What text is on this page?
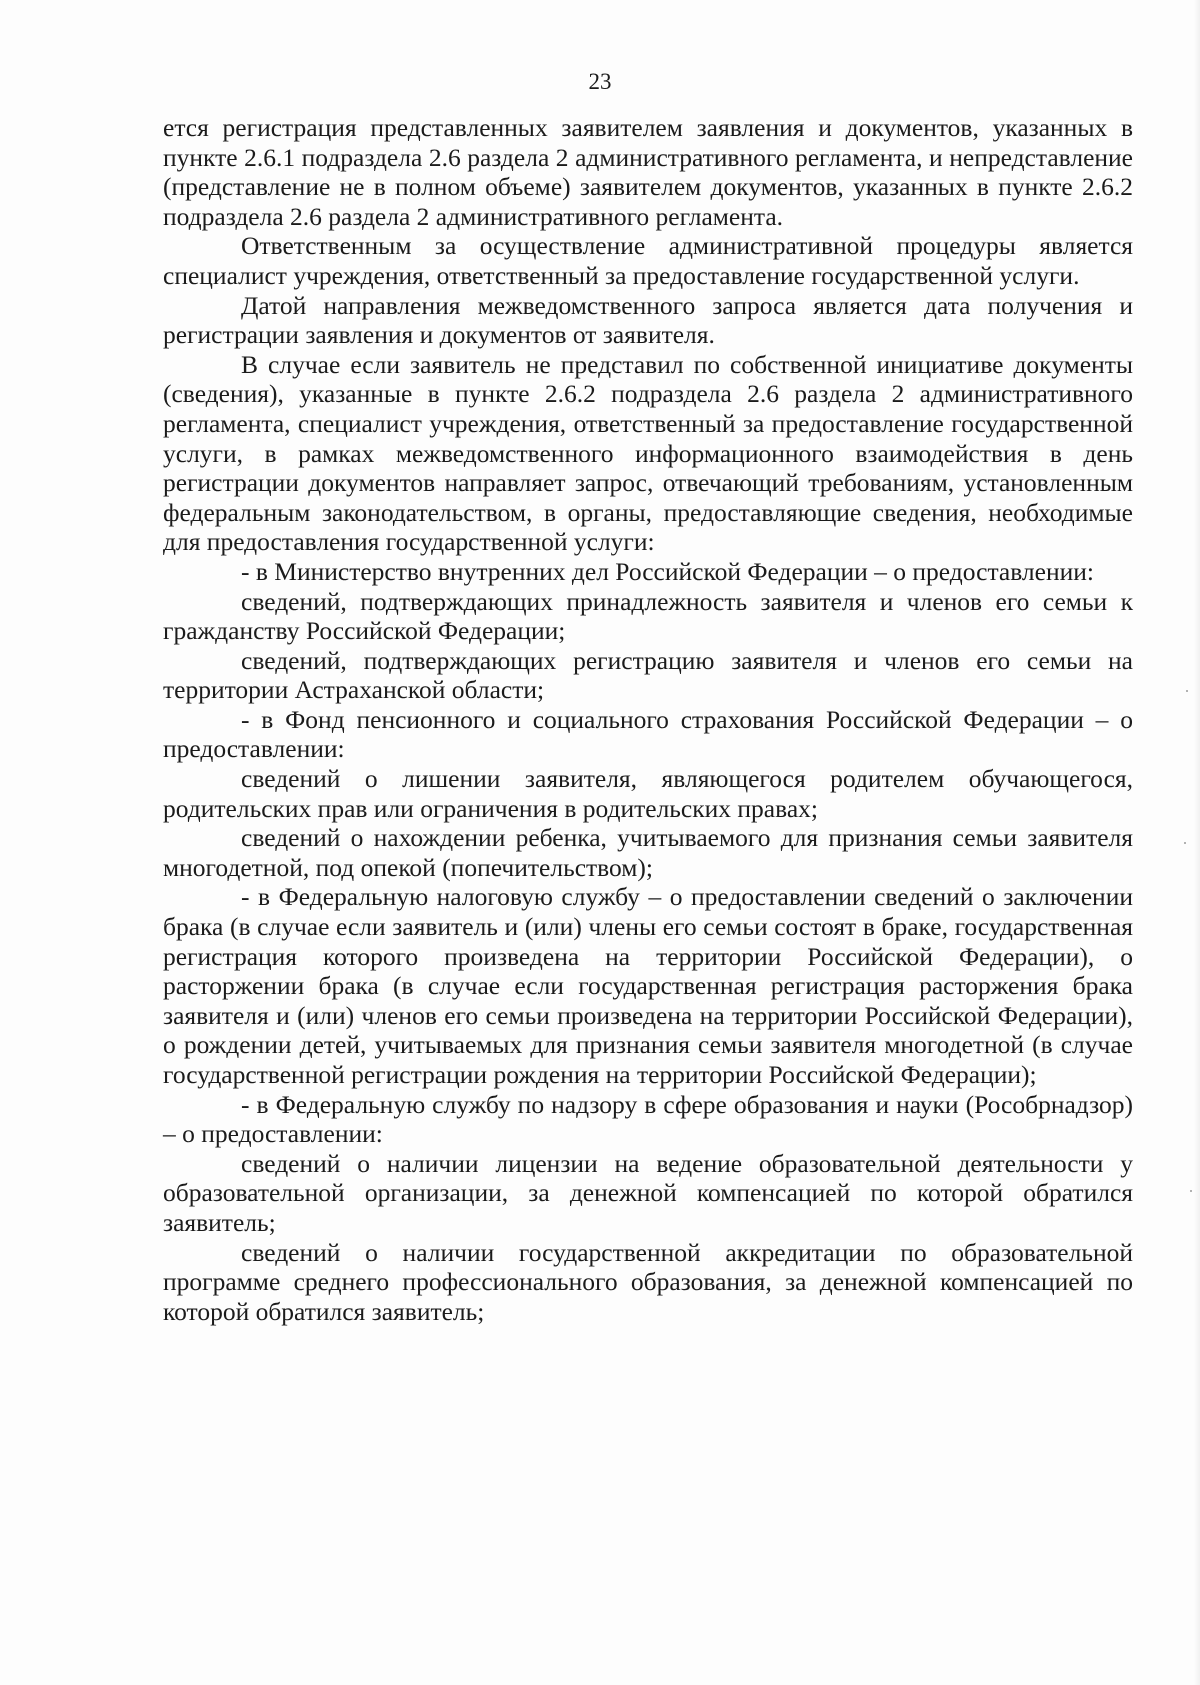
23

ется регистрация представленных заявителем заявления и документов, указанных в пункте 2.6.1 подраздела 2.6 раздела 2 административного регламента, и непредставление (представление не в полном объеме) заявителем документов, указанных в пункте 2.6.2 подраздела 2.6 раздела 2 административного регламента.

Ответственным за осуществление административной процедуры является специалист учреждения, ответственный за предоставление государственной услуги.

Датой направления межведомственного запроса является дата получения и регистрации заявления и документов от заявителя.

В случае если заявитель не представил по собственной инициативе документы (сведения), указанные в пункте 2.6.2 подраздела 2.6 раздела 2 административного регламента, специалист учреждения, ответственный за предоставление государственной услуги, в рамках межведомственного информационного взаимодействия в день регистрации документов направляет запрос, отвечающий требованиям, установленным федеральным законодательством, в органы, предоставляющие сведения, необходимые для предоставления государственной услуги:

- в Министерство внутренних дел Российской Федерации – о предоставлении:

сведений, подтверждающих принадлежность заявителя и членов его семьи к гражданству Российской Федерации;

сведений, подтверждающих регистрацию заявителя и членов его семьи на территории Астраханской области;

- в Фонд пенсионного и социального страхования Российской Федерации – о предоставлении:

сведений о лишении заявителя, являющегося родителем обучающегося, родительских прав или ограничения в родительских правах;

сведений о нахождении ребенка, учитываемого для признания семьи заявителя многодетной, под опекой (попечительством);

- в Федеральную налоговую службу – о предоставлении сведений о заключении брака (в случае если заявитель и (или) члены его семьи состоят в браке, государственная регистрация которого произведена на территории Российской Федерации), о расторжении брака (в случае если государственная регистрация расторжения брака заявителя и (или) членов его семьи произведена на территории Российской Федерации), о рождении детей, учитываемых для признания семьи заявителя многодетной (в случае государственной регистрации рождения на территории Российской Федерации);

- в Федеральную службу по надзору в сфере образования и науки (Рособрнадзор) – о предоставлении:

сведений о наличии лицензии на ведение образовательной деятельности у образовательной организации, за денежной компенсацией по которой обратился заявитель;

сведений о наличии государственной аккредитации по образовательной программе среднего профессионального образования, за денежной компенсацией по которой обратился заявитель;
